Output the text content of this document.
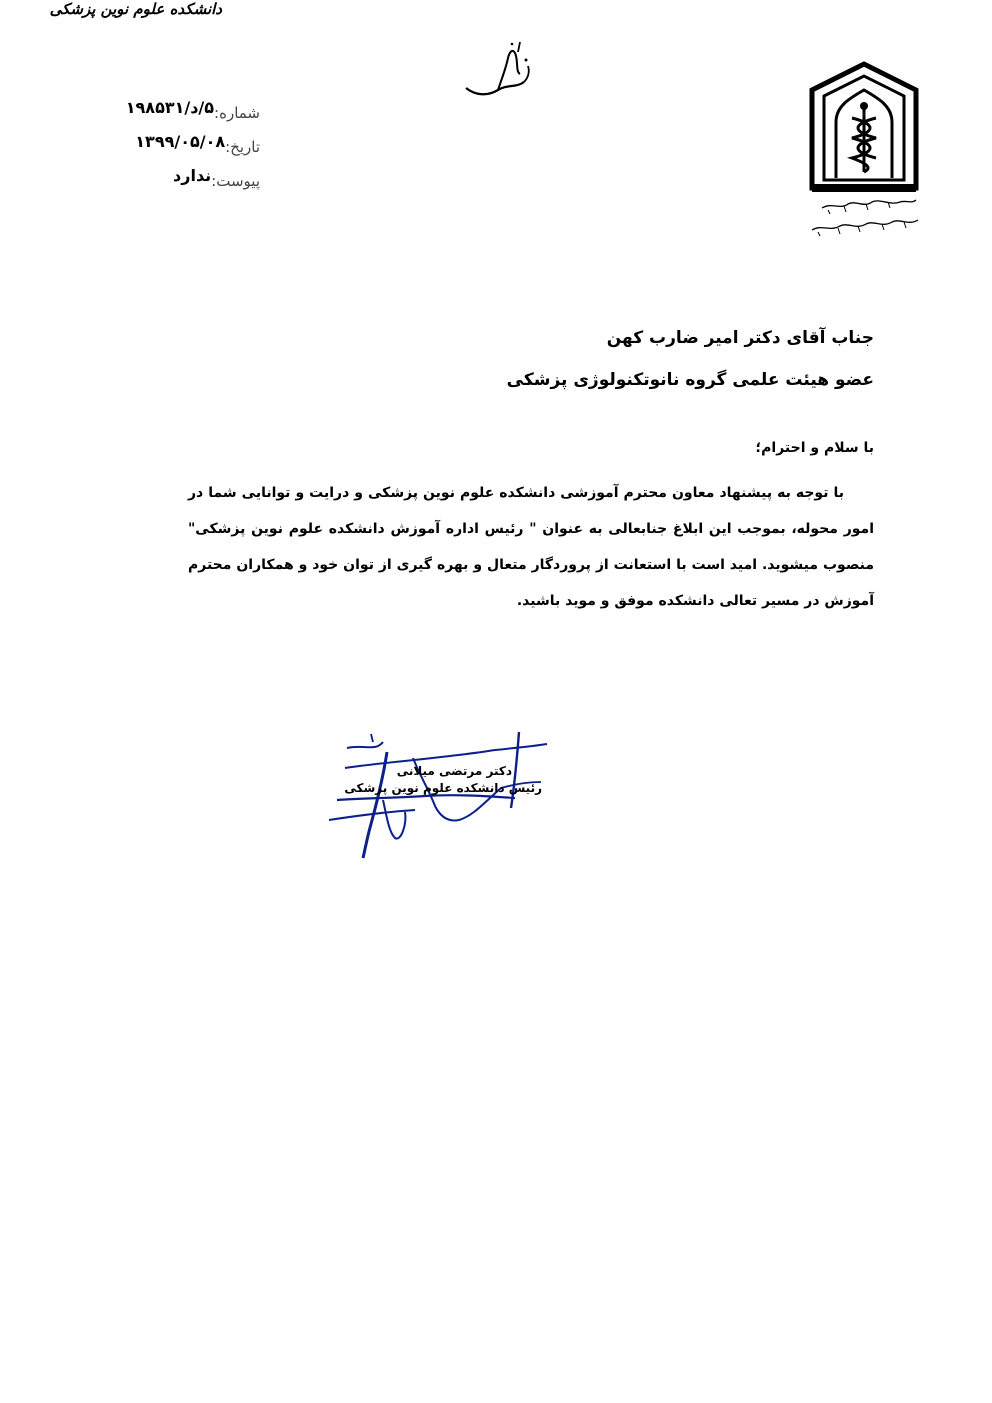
دانشکده علوم نوین پزشکی
شماره:۵/د/۱۹۸۵۳۱
تاریخ:۱۳۹۹/۰۵/۰۸
پیوست:ندارد
جناب آقای دکتر امیر ضارب کهن
عضو هیئت علمی گروه نانوتکنولوژی پزشکی
با سلام و احترام؛

با توجه به پیشنهاد معاون محترم آموزشی دانشکده علوم نوین پزشکی و درایت و توانایی شما در امور محوله، بموجب این ابلاغ جنابعالی به عنوان " رئیس اداره آموزش دانشکده علوم نوین پزشکی" منصوب میشوید. امید است با استعانت از پروردگار متعال و بهره گیری از توان خود و همکاران محترم آموزش در مسیر تعالی دانشکده موفق و موید باشید.

دکتر مرتضی میلانی
رئیس دانشکده علوم نوین پزشکی
